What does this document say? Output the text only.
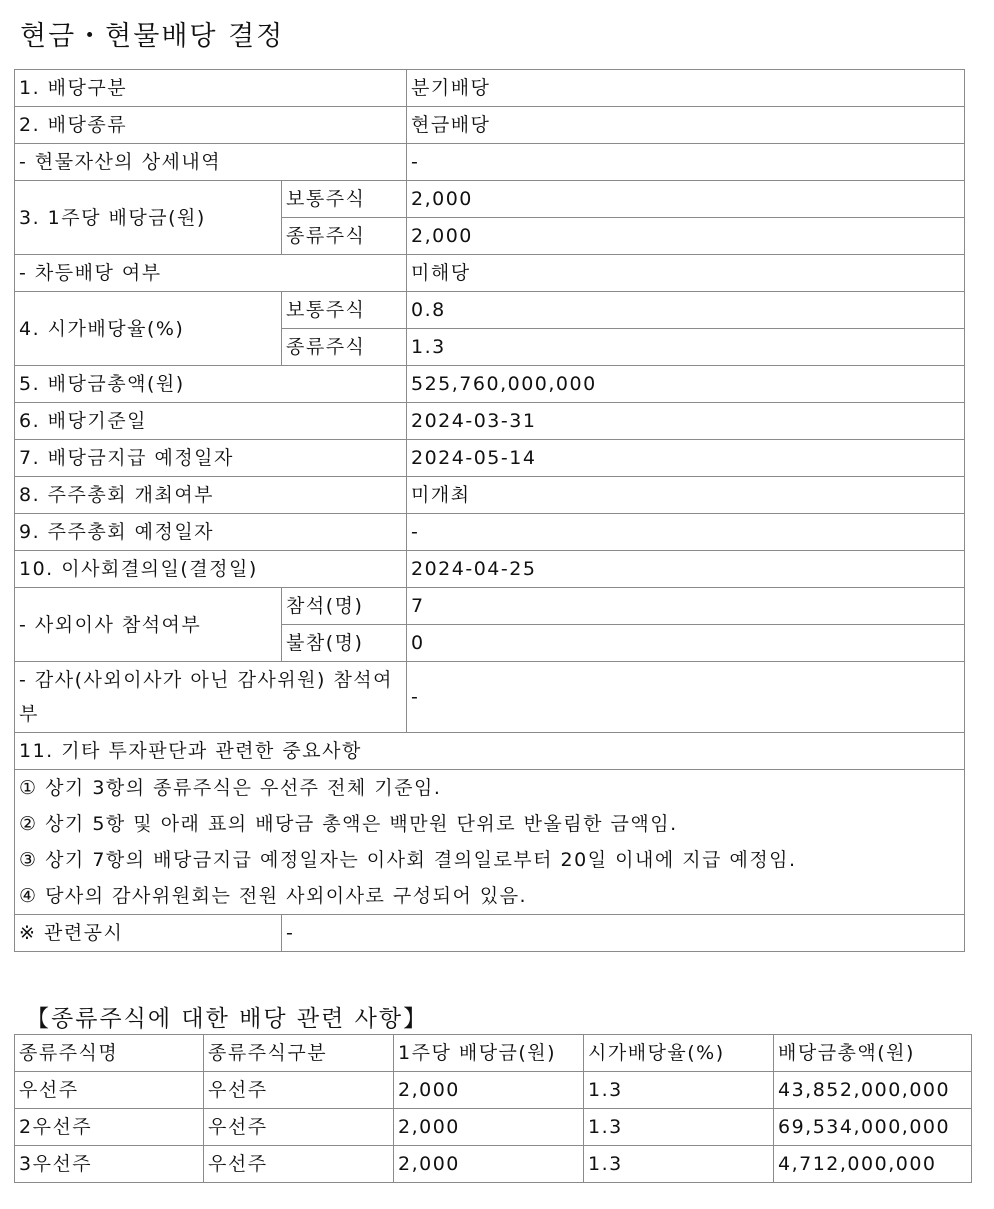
현금・현물배당 결정
1. 배당구분		분기배당
2. 배당종류		현금배당
- 현물자산의 상세내역		-
3. 1주당 배당금(원)	보통주식	2,000
	종류주식	2,000
- 차등배당 여부		미해당
4. 시가배당율(%)	보통주식	0.8
	종류주식	1.3
5. 배당금총액(원)		525,760,000,000
6. 배당기준일		2024-03-31
7. 배당금지급 예정일자		2024-05-14
8. 주주총회 개최여부		미개최
9. 주주총회 예정일자		-
10. 이사회결의일(결정일)		2024-04-25
- 사외이사 참석여부	참석(명)	7
	불참(명)	0
- 감사(사외이사가 아닌 감사위원) 참석여부		-
11. 기타 투자판단과 관련한 중요사항		

① 상기 3항의 종류주식은 우선주 전체 기준임.
② 상기 5항 및 아래 표의 배당금 총액은 백만원 단위로 반올림한 금액임.
③ 상기 7항의 배당금지급 예정일자는 이사회 결의일로부터 20일 이내에 지급 예정임.
④ 당사의 감사위원회는 전원 사외이사로 구성되어 있음.		

※ 관련공시	-	
【종류주식에 대한 배당 관련 사항】
종류주식명	종류주식구분	1주당 배당금(원)	시가배당율(%)	배당금총액(원)
우선주	우선주	2,000	1.3	43,852,000,000
2우선주	우선주	2,000	1.3	69,534,000,000
3우선주	우선주	2,000	1.3	4,712,000,000
